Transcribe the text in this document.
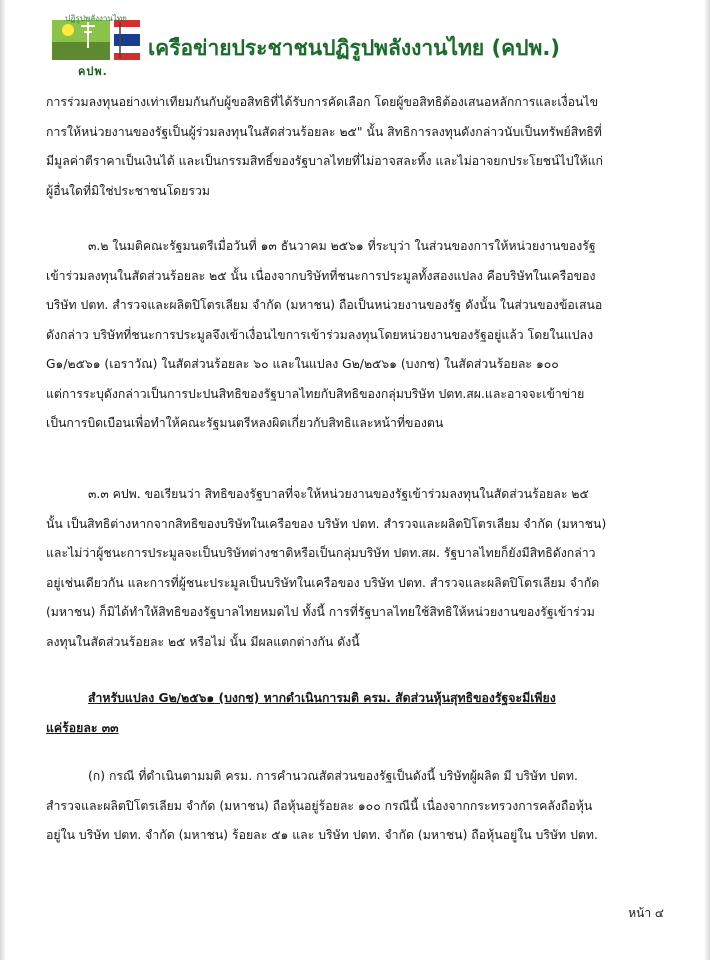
ปฏิรูปพลังงานไทย
คปพ.
เครือข่ายประชาชนปฏิรูปพลังงานไทย (คปพ.)
การร่วมลงทุนอย่างเท่าเทียมกันกับผู้ขอสิทธิที่ได้รับการคัดเลือก โดยผู้ขอสิทธิต้องเสนอหลักการและเงื่อนไข
การให้หน่วยงานของรัฐเป็นผู้ร่วมลงทุนในสัดส่วนร้อยละ ๒๕" นั้น สิทธิการลงทุนดังกล่าวนับเป็นทรัพย์สิทธิที่
มีมูลค่าตีราคาเป็นเงินได้ และเป็นกรรมสิทธิ์ของรัฐบาลไทยที่ไม่อาจสละทิ้ง และไม่อาจยกประโยชน์ไปให้แก่
ผู้อื่นใดที่มิใช่ประชาชนโดยรวม
๓.๒ ในมติคณะรัฐมนตรีเมื่อวันที่ ๑๓ ธันวาคม ๒๕๖๑ ที่ระบุว่า ในส่วนของการให้หน่วยงานของรัฐ
เข้าร่วมลงทุนในสัดส่วนร้อยละ ๒๕ นั้น เนื่องจากบริษัทที่ชนะการประมูลทั้งสองแปลง คือบริษัทในเครือของ
บริษัท ปตท. สำรวจและผลิตปิโตรเลียม จำกัด (มหาชน) ถือเป็นหน่วยงานของรัฐ ดังนั้น ในส่วนของข้อเสนอ
ดังกล่าว บริษัทที่ชนะการประมูลจึงเข้าเงื่อนไขการเข้าร่วมลงทุนโดยหน่วยงานของรัฐอยู่แล้ว โดยในแปลง
G๑/๒๕๖๑ (เอราวัณ) ในสัดส่วนร้อยละ ๖๐ และในแปลง G๒/๒๕๖๑ (บงกช) ในสัดส่วนร้อยละ ๑๐๐
แต่การระบุดังกล่าวเป็นการปะปนสิทธิของรัฐบาลไทยกับสิทธิของกลุ่มบริษัท ปตท.สผ.และอาจจะเข้าข่าย
เป็นการบิดเบือนเพื่อทำให้คณะรัฐมนตรีหลงผิดเกี่ยวกับสิทธิและหน้าที่ของตน
๓.๓ คปพ. ขอเรียนว่า สิทธิของรัฐบาลที่จะให้หน่วยงานของรัฐเข้าร่วมลงทุนในสัดส่วนร้อยละ ๒๕
นั้น เป็นสิทธิต่างหากจากสิทธิของบริษัทในเครือของ บริษัท ปตท. สำรวจและผลิตปิโตรเลียม จำกัด (มหาชน)
และไม่ว่าผู้ชนะการประมูลจะเป็นบริษัทต่างชาติหรือเป็นกลุ่มบริษัท ปตท.สผ. รัฐบาลไทยก็ยังมีสิทธิดังกล่าว
อยู่เช่นเดียวกัน และการที่ผู้ชนะประมูลเป็นบริษัทในเครือของ บริษัท ปตท. สำรวจและผลิตปิโตรเลียม จำกัด
(มหาชน) ก็มิได้ทำให้สิทธิของรัฐบาลไทยหมดไป ทั้งนี้ การที่รัฐบาลไทยใช้สิทธิให้หน่วยงานของรัฐเข้าร่วม
ลงทุนในสัดส่วนร้อยละ ๒๕ หรือไม่ นั้น มีผลแตกต่างกัน ดังนี้
สำหรับแปลง G๒/๒๕๖๑ (บงกช) หากดำเนินการมติ ครม. สัดส่วนหุ้นสุทธิของรัฐจะมีเพียง
แค่ร้อยละ ๓๓
(ก) กรณี ที่ดำเนินตามมติ ครม. การคำนวณสัดส่วนของรัฐเป็นดังนี้ บริษัทผู้ผลิต มี บริษัท ปตท.
สำรวจและผลิตปิโตรเลียม จำกัด (มหาชน) ถือหุ้นอยู่ร้อยละ ๑๐๐ กรณีนี้ เนื่องจากกระทรวงการคลังถือหุ้น
อยู่ใน บริษัท ปตท. จำกัด (มหาชน) ร้อยละ ๕๑ และ บริษัท ปตท. จำกัด (มหาชน) ถือหุ้นอยู่ใน บริษัท ปตท.
หน้า ๔
